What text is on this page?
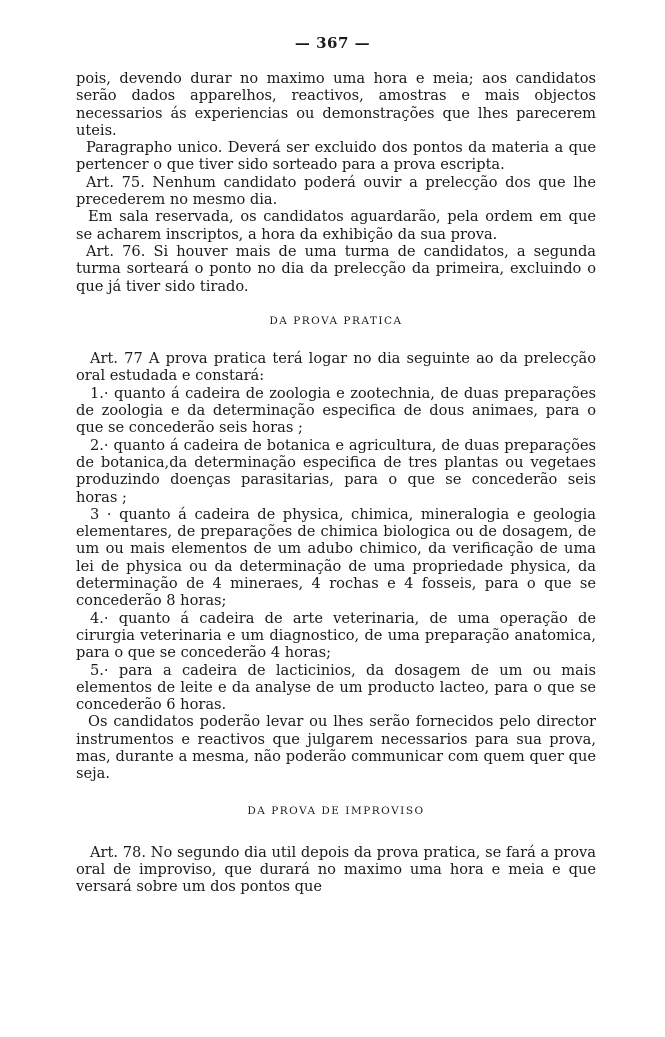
— 367 —

pois, devendo durar no maximo uma hora e meia; aos candidatos serão dados apparelhos, reactivos, amostras e mais objectos necessarios ás experiencias ou demonstrações que lhes parecerem uteis.

Paragrapho unico. Deverá ser excluido dos pontos da materia a que pertencer o que tiver sido sorteado para a prova escripta.

Art. 75. Nenhum candidato poderá ouvir a prelecção dos que lhe precederem no mesmo dia.

Em sala reservada, os candidatos aguardarão, pela ordem em que se acharem inscriptos, a hora da exhibição da sua prova.

Art. 76. Si houver mais de uma turma de candidatos, a segunda turma sorteará o ponto no dia da prelecção da primeira, excluindo o que já tiver sido tirado.

DA PROVA PRATICA

Art. 77 A prova pratica terá logar no dia seguinte ao da prelecção oral estudada e constará:

1.· quanto á cadeira de zoologia e zootechnia, de duas preparações de zoologia e da determinação especifica de dous animaes, para o que se concederão seis horas ;

2.· quanto á cadeira de botanica e agricultura, de duas preparações de botanica,da determinação especifica de tres plantas ou vegetaes produzindo doenças parasitarias, para o que se concederão seis horas ;

3 · quanto á cadeira de physica, chimica, mineralogia e geologia elementares, de preparações de chimica biologica ou de dosagem, de um ou mais elementos de um adubo chimico, da verificação de uma lei de physica ou da determinação de uma propriedade physica, da determinação de 4 mineraes, 4 rochas e 4 fosseis, para o que se concederão 8 horas;

4.· quanto á cadeira de arte veterinaria, de uma operação de cirurgia veterinaria e um diagnostico, de uma preparação anatomica, para o que se concederão 4 horas;

5.· para a cadeira de lacticinios, da dosagem de um ou mais elementos de leite e da analyse de um producto lacteo, para o que se concederão 6 horas.

Os candidatos poderão levar ou lhes serão fornecidos pelo director instrumentos e reactivos que julgarem necessarios para sua prova, mas, durante a mesma, não poderão communicar com quem quer que seja.

DA PROVA DE IMPROVISO

Art. 78. No segundo dia util depois da prova pratica, se fará a prova oral de improviso, que durará no maximo uma hora e meia e que versará sobre um dos pontos que
